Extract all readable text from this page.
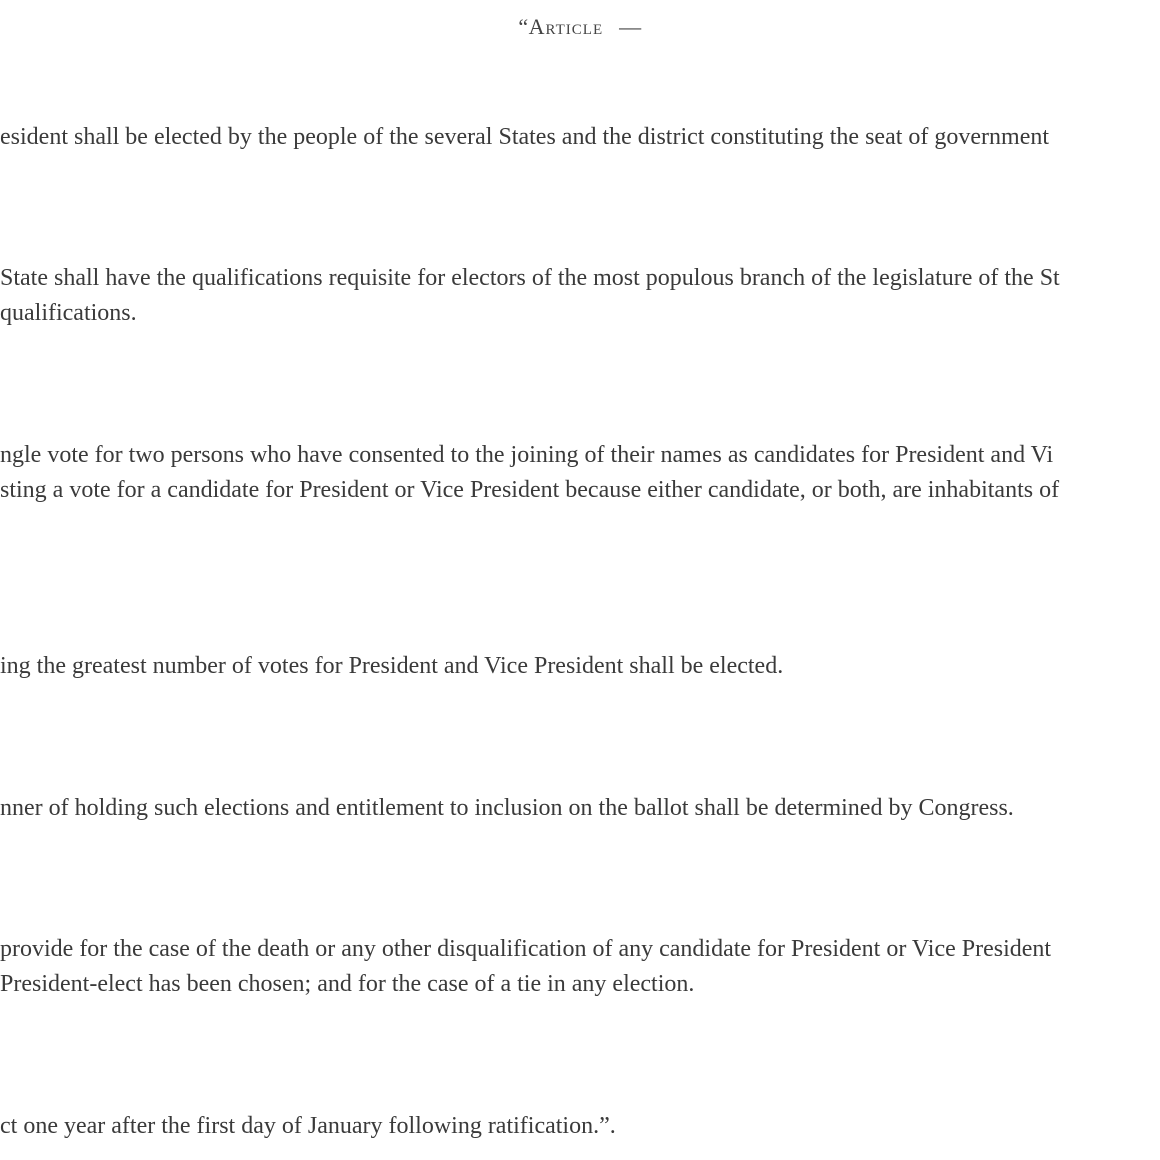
“Article —
esident shall be elected by the people of the several States and the district constituting the seat of government
State shall have the qualifications requisite for electors of the most populous branch of the legislature of the St
qualifications.
ngle vote for two persons who have consented to the joining of their names as candidates for President and Vi
sting a vote for a candidate for President or Vice President because either candidate, or both, are inhabitants of
ing the greatest number of votes for President and Vice President shall be elected.
nner of holding such elections and entitlement to inclusion on the ballot shall be determined by Congress.
provide for the case of the death or any other disqualification of any candidate for President or Vice President
President-elect has been chosen; and for the case of a tie in any election.
ct one year after the first day of January following ratification.”.
